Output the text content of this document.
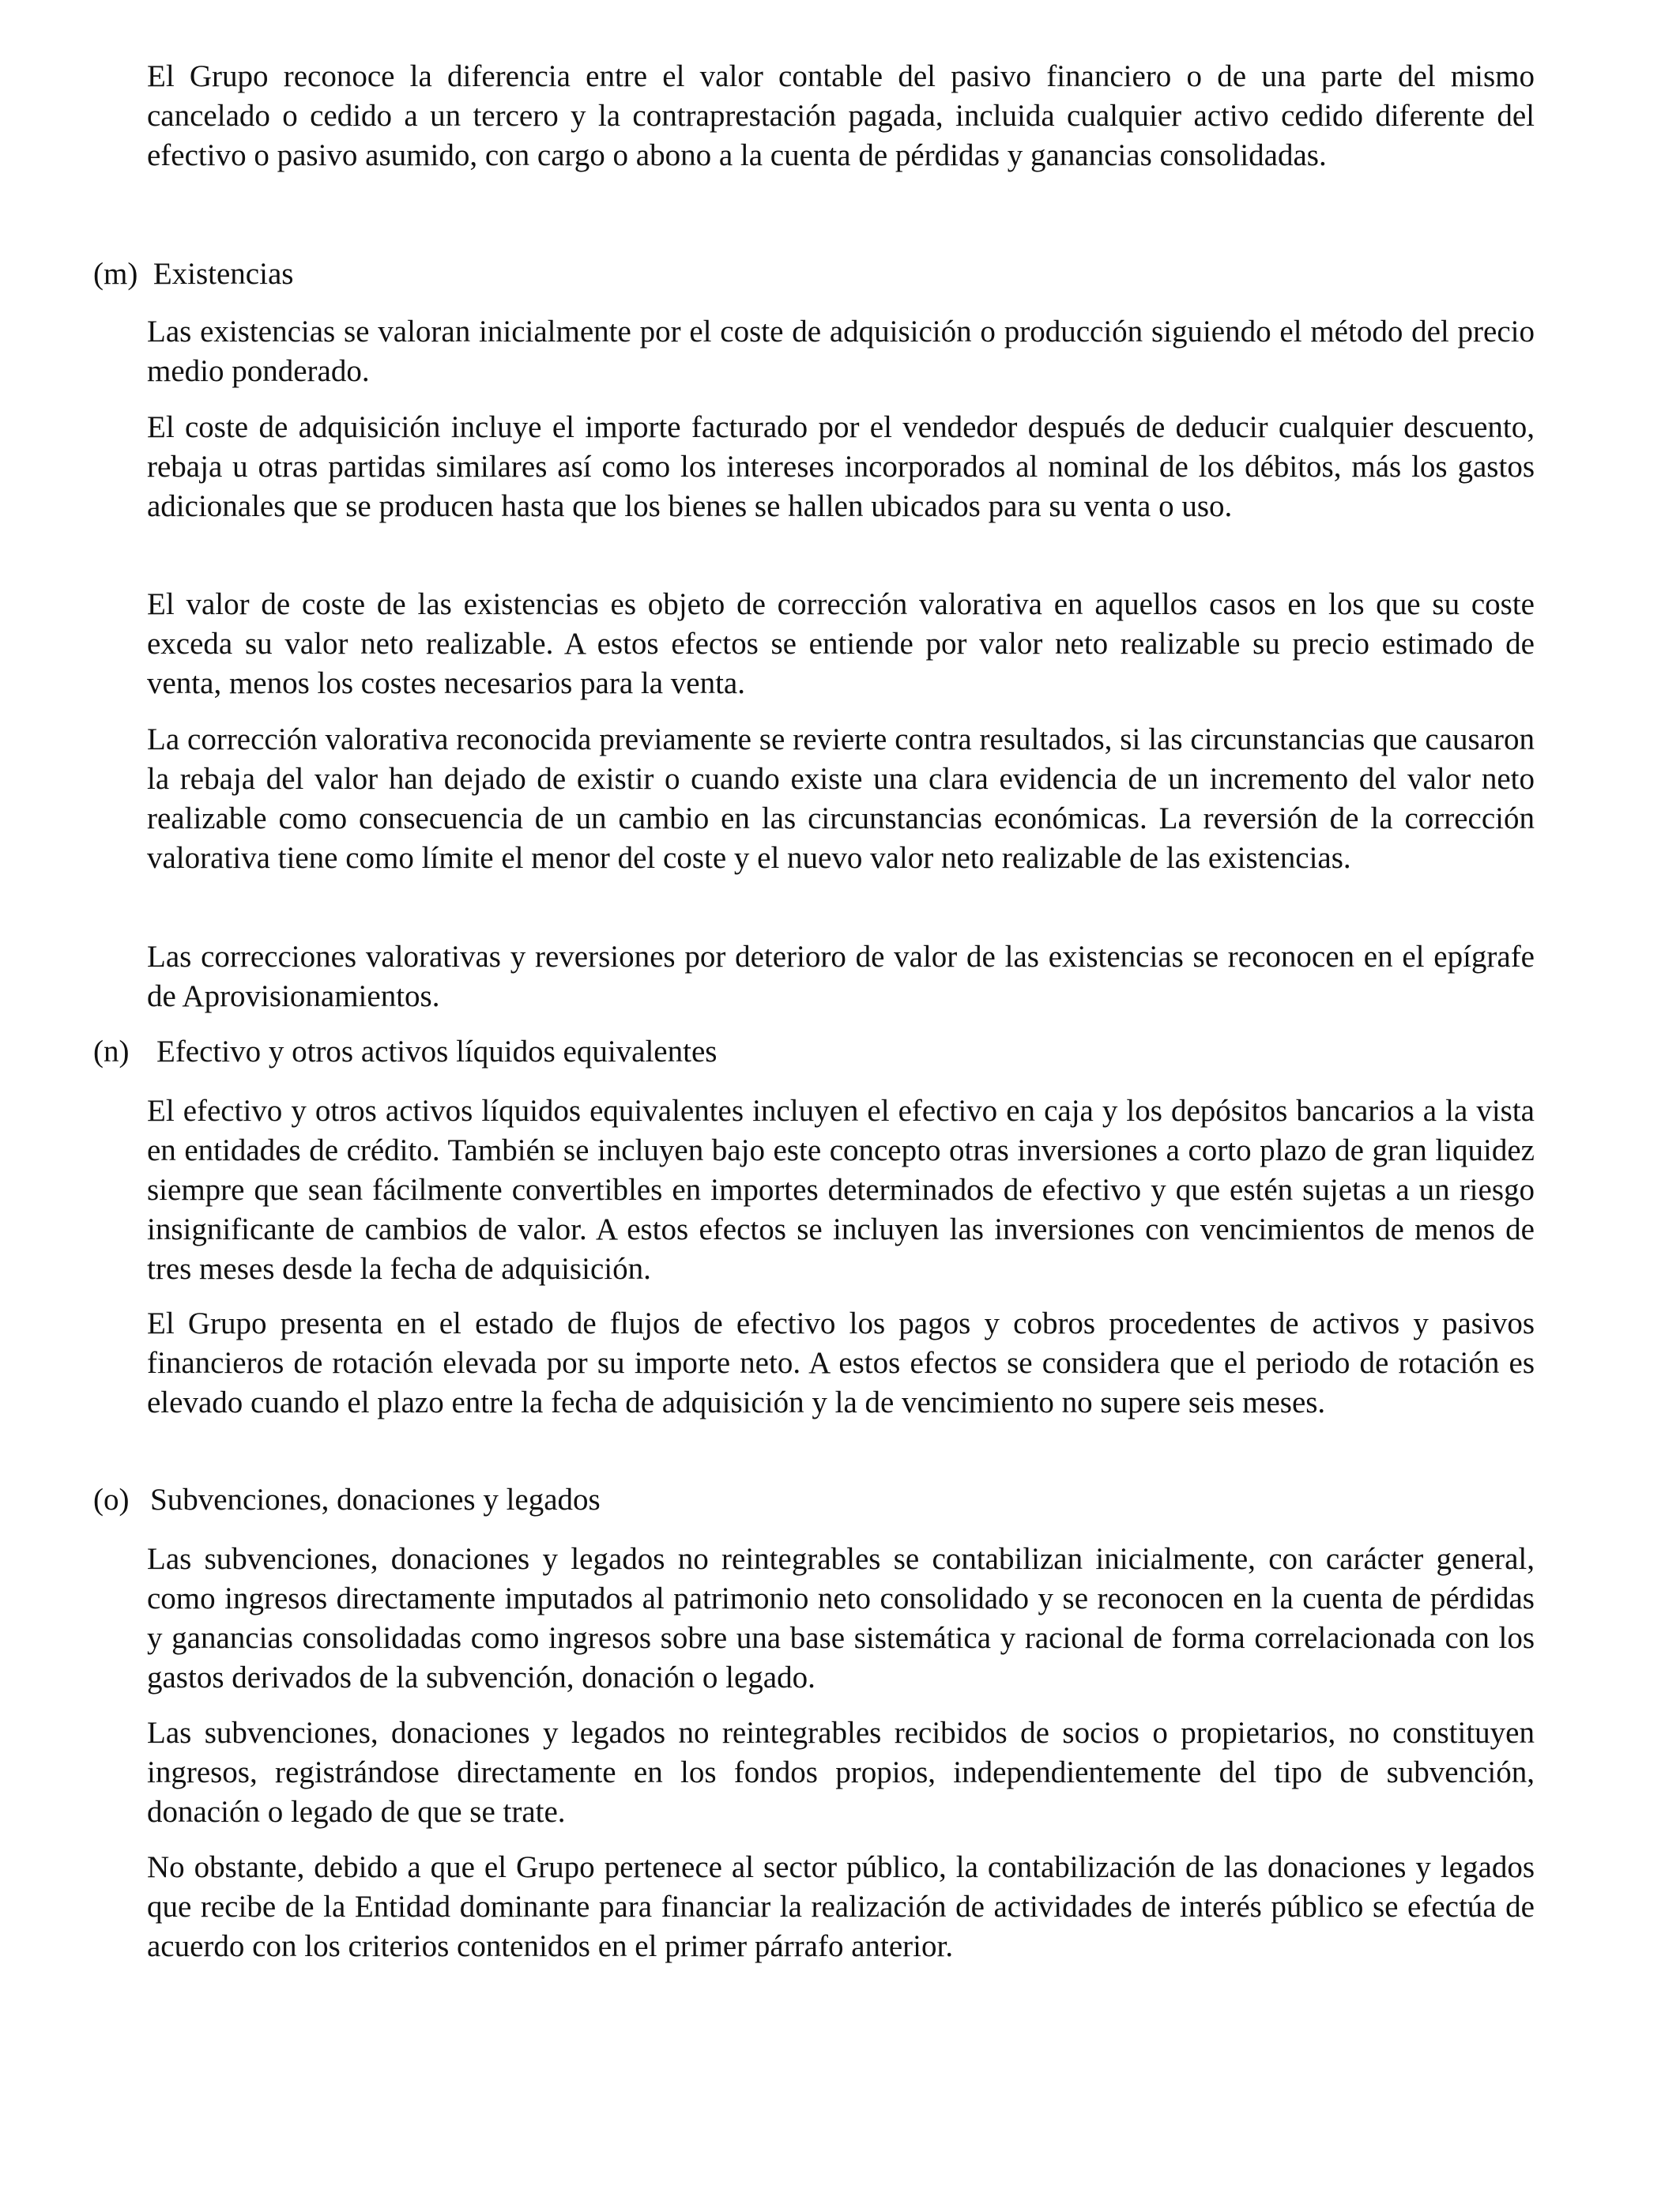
El Grupo reconoce la diferencia entre el valor contable del pasivo financiero o de una parte del mismo cancelado o cedido a un tercero y la contraprestación pagada, incluida cualquier activo cedido diferente del efectivo o pasivo asumido, con cargo o abono a la cuenta de pérdidas y ganancias consolidadas.

(m)  Existencias

Las existencias se valoran inicialmente por el coste de adquisición o producción siguiendo el método del precio medio ponderado.

El coste de adquisición incluye el importe facturado por el vendedor después de deducir cualquier descuento, rebaja u otras partidas similares así como los intereses incorporados al nominal de los débitos, más los gastos adicionales que se producen hasta que los bienes se hallen ubicados para su venta o uso.

El valor de coste de las existencias es objeto de corrección valorativa en aquellos casos en los que su coste exceda su valor neto realizable. A estos efectos se entiende por valor neto realizable su precio estimado de venta, menos los costes necesarios para la venta.

La corrección valorativa reconocida previamente se revierte contra resultados, si las circunstancias que causaron la rebaja del valor han dejado de existir o cuando existe una clara evidencia de un incremento del valor neto realizable como consecuencia de un cambio en las circunstancias económicas. La reversión de la corrección valorativa tiene como límite el menor del coste y el nuevo valor neto realizable de las existencias.

Las correcciones valorativas y reversiones por deterioro de valor de las existencias se reconocen en el epígrafe de Aprovisionamientos.

(n) Efectivo y otros activos líquidos equivalentes

El efectivo y otros activos líquidos equivalentes incluyen el efectivo en caja y los depósitos bancarios a la vista en entidades de crédito. También se incluyen bajo este concepto otras inversiones a corto plazo de gran liquidez siempre que sean fácilmente convertibles en importes determinados de efectivo y que estén sujetas a un riesgo insignificante de cambios de valor. A estos efectos se incluyen las inversiones con vencimientos de menos de tres meses desde la fecha de adquisición.

El Grupo presenta en el estado de flujos de efectivo los pagos y cobros procedentes de activos y pasivos financieros de rotación elevada por su importe neto. A estos efectos se considera que el periodo de rotación es elevado cuando el plazo entre la fecha de adquisición y la de vencimiento no supere seis meses.

(o) Subvenciones, donaciones y legados

Las subvenciones, donaciones y legados no reintegrables se contabilizan inicialmente, con carácter general, como ingresos directamente imputados al patrimonio neto consolidado y se reconocen en la cuenta de pérdidas y ganancias consolidadas como ingresos sobre una base sistemática y racional de forma correlacionada con los gastos derivados de la subvención, donación o legado.

Las subvenciones, donaciones y legados no reintegrables recibidos de socios o propietarios, no constituyen ingresos, registrándose directamente en los fondos propios, independientemente del tipo de subvención, donación o legado de que se trate.

No obstante, debido a que el Grupo pertenece al sector público, la contabilización de las donaciones y legados que recibe de la Entidad dominante para financiar la realización de actividades de interés público se efectúa de acuerdo con los criterios contenidos en el primer párrafo anterior.
